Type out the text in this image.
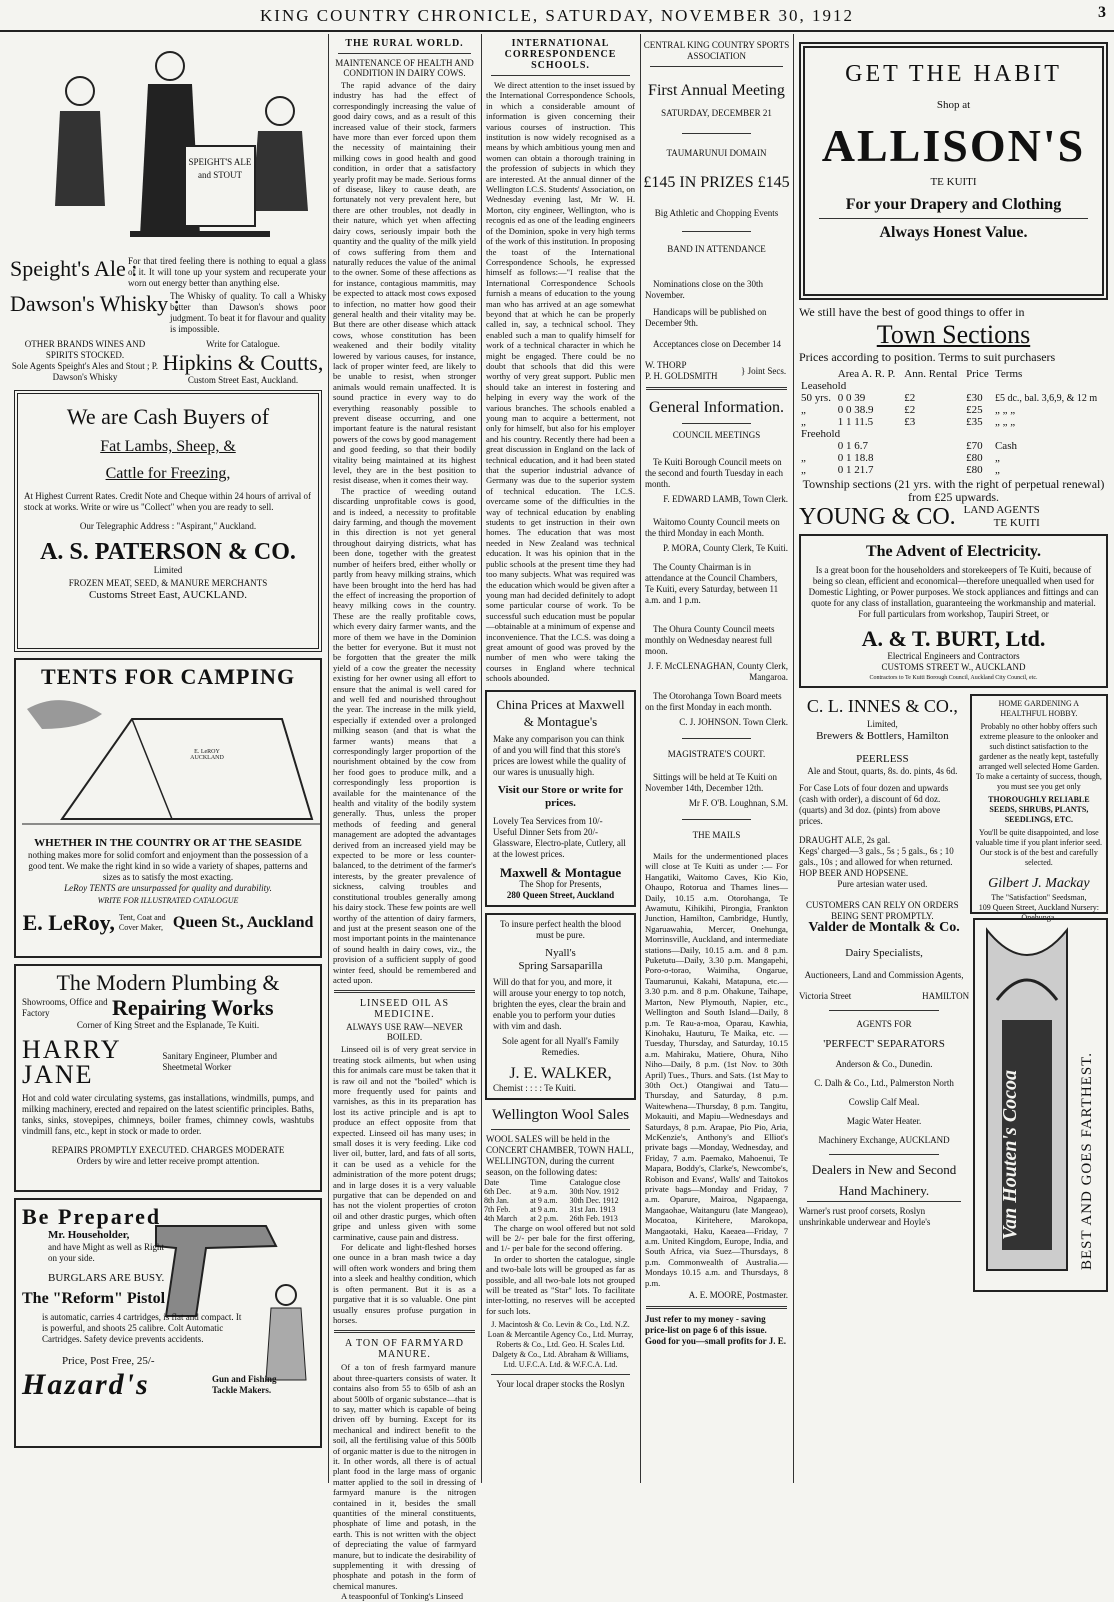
KING COUNTRY CHRONICLE, SATURDAY, NOVEMBER 30, 1912	3
SPEIGHT'S ALE and STOUT
Speight's Ale :
For that tired feeling there is nothing to equal a glass of it. It will tone up your system and recuperate your worn out energy better than anything else.
Dawson's Whisky :
The Whisky of quality. To call a Whisky better than Dawson's shows poor judgment. To beat it for flavour and quality is impossible.
OTHER BRANDS WINES AND SPIRITS STOCKED.
Sole Agents Speight's Ales and Stout ; P. Dawson's Whisky
Write for Catalogue.
Hipkins & Coutts,
Custom Street East, Auckland.
We are Cash Buyers of
Fat Lambs, Sheep, &
Cattle for Freezing,
At Highest Current Rates. Credit Note and Cheque within 24 hours of arrival of stock at works. Write or wire us "Collect" when you are ready to sell.
Our Telegraphic Address : "Aspirant," Auckland.
A. S. PATERSON & CO.
Limited
FROZEN MEAT, SEED, & MANURE MERCHANTS
Customs Street East, AUCKLAND.
TENTS FOR CAMPING
E. LeROY AUCKLAND
WHETHER IN THE COUNTRY OR AT THE SEASIDE
nothing makes more for solid comfort and enjoyment than the possession of a good tent. We make the right kind in so wide a variety of shapes, patterns and sizes as to satisfy the most exacting.
LeRoy TENTS are unsurpassed for quality and durability.
WRITE FOR ILLUSTRATED CATALOGUE
E. LeRoy, Tent, Coat and Cover Maker, Queen St., Auckland
The Modern Plumbing &
Showrooms, Office and Factory	Repairing Works
Corner of King Street and the Esplanade, Te Kuiti.
HARRY JANE
Sanitary Engineer, Plumber and Sheetmetal Worker
Hot and cold water circulating systems, gas installations, windmills, pumps, and milking machinery, erected and repaired on the latest scientific principles. Baths, tanks, sinks, stovepipes, chimneys, boiler frames, chimney cowls, washtubs vindmill fans, etc., kept in stock or made to order.
REPAIRS PROMPTLY EXECUTED. CHARGES MODERATE
Orders by wire and letter receive prompt attention.
Be Prepared
Mr. Householder,
and have Might as well as Right on your side.
BURGLARS ARE BUSY.
The "Reform" Pistol
is automatic, carries 4 cartridges, is flat and compact. It is powerful, and shoots 25 calibre. Colt Automatic Cartridges. Safety device prevents accidents.
Price, Post Free, 25/-
Hazard's	Gun and Fishing Tackle Makers.
THE RURAL WORLD.
MAINTENANCE OF HEALTH AND CONDITION IN DAIRY COWS.

The rapid advance of the dairy industry has had the effect of correspondingly increasing the value of good dairy cows, and as a result of this increased value of their stock, farmers have more than ever forced upon them the necessity of maintaining their milking cows in good health and good condition, in order that a satisfactory yearly profit may be made. Serious forms of disease, likey to cause death, are fortunately not very prevalent here, but there are other troubles, not deadly in their nature, which yet when affecting dairy cows, seriously impair both the quantity and the quality of the milk yield of cows suffering from them and naturally reduces the value of the animal to the owner. Some of these affections as for instance, contagious mammitis, may be expected to attack most cows exposed to infection, no matter how good their general health and their vitality may be. But there are other disease which attack cows, whose constitution has been weakened and their bodily vitality lowered by various causes, for instance, lack of proper winter feed, are likely to be unable to resist, when stronger animals would remain unaffected. It is sound practice in every way to do everything reasonably possible to prevent disease occurring, and one important feature is the natural resistant powers of the cows by good management and good feeding, so that their bodily vitality being maintained at its highest level, they are in the best position to resist disease, when it comes their way.

The practice of weeding outand discarding unprofitable cows is good, and is indeed, a necessity to profitable dairy farming, and though the movement in this direction is not yet general throughout dairying districts, what has been done, together with the greatest number of heifers bred, either wholly or partly from heavy milking strains, which have been brought into the herd has had the effect of increasing the proportion of heavy milking cows in the country. These are the really profitable cows, which every dairy farmer wants, and the more of them we have in the Dominion the better for everyone. But it must not be forgotten that the greater the milk yield of a cow the greater the necessity existing for her owner using all effort to ensure that the animal is well cared for and well fed and nourished throughout the year. The increase in the milk yield, especially if extended over a prolonged milking season (and that is what the farmer wants) means that a correspondingly larger proportion of the nourishment obtained by the cow from her food goes to produce milk, and a correspondingly less proportion is available for the maintenance of the health and vitality of the bodily system generally. Thus, unless the proper methods of feeding and general management are adopted the advantages derived from an increased yield may be expected to be more or less counter-balanced, to the detriment of the farmer's interests, by the greater prevalence of sickness, calving troubles and constitutional troubles generally among his dairy stock. These few points are well worthy of the attention of dairy farmers, and just at the present season one of the most important points in the maintenance of sound health in dairy cows, viz., the provision of a sufficient supply of good winter feed, should be remembered and acted upon.

LINSEED OIL AS MEDICINE.
ALWAYS USE RAW—NEVER BOILED.

Linseed oil is of very great service in treating stock ailments, but when using this for animals care must be taken that it is raw oil and not the "boiled" which is more frequently used for paints and varnishes, as this in its preparation has lost its active principle and is apt to produce an effect opposite from that expected. Linseed oil has many uses; in small doses it is very feeding. Like cod liver oil, butter, lard, and fats of all sorts, it can be used as a vehicle for the administration of the more potent drugs; and in large doses it is a very valuable purgative that can be depended on and has not the violent properties of croton oil and other drastic purges, which often gripe and unless given with some carminative, cause pain and distress.

For delicate and light-fleshed horses one ounce in a bran mash twice a day will often work wonders and bring them into a sleek and healthy condition, which is often permanent. But it is as a purgative that it is so valuable. One pint usually ensures profuse purgation in horses.

A TON OF FARMYARD MANURE.

Of a ton of fresh farmyard manure about three-quarters consists of water. It contains also from 55 to 65lb of ash an about 500lb of organic substance—that is to say, matter which is capable of being driven off by burning. Except for its mechanical and indirect benefit to the soil, all the fertilising value of this 500lb of organic matter is due to the nitrogen in it. In other words, all there is of actual plant food in the large mass of organic matter applied to the soil in dressing of farmyard manure is the nitrogen contained in it, besides the small quantities of the mineral constituents, phosphate of lime and potash, in the earth. This is not written with the object of depreciating the value of farmyard manure, but to indicate the desirability of supplementing it with dressing of phosphate and potash in the form of chemical manures.

A teaspoonful of Tonking's Linseed

INTERNATIONAL CORRESPONDENCE SCHOOLS.

We direct attention to the inset issued by the International Correspondence Schools, in which a considerable amount of information is given concerning their various courses of instruction. This institution is now widely recognised as a means by which ambitious young men and women can obtain a thorough training in the profession of subjects in which they are interested. At the annual dinner of the Wellington I.C.S. Students' Association, on Wednesday evening last, Mr W. H. Morton, city engineer, Wellington, who is recognis ed as one of the leading engineers of the Dominion, spoke in very high terms of the work of this institution. In proposing the toast of the International Correspondence Schools, he expressed himself as follows:—"I realise that the International Correspondence Schools furnish a means of education to the young man who has arrived at an age somewhat beyond that at which he can be properly called in, say, a technical school. They enabled such a man to qualify himself for work of a technical character in which he might be engaged. There could be no doubt that schools that did this were worthy of very great support. Public men should take an interest in fostering and helping in every way the work of the various branches. The schools enabled a young man to acquire a betterment, not only for himself, but also for his employer and his country. Recently there had been a great discussion in England on the lack of technical education, and it had been stated that the superior industrial advance of Germany was due to the superior system of technical education. The I.C.S. overcame some of the difficulties in the way of technical education by enabling students to get instruction in their own homes. The education that was most needed in New Zealand was technical education. It was his opinion that in the public schools at the present time they had too many subjects. What was required was the education which would be given after a young man had decided definitely to adopt some particular course of work. To be successful such education must be popular—obtainable at a minimum of expense and inconvenience. That the I.C.S. was doing a great amount of good was proved by the number of men who were taking the courses in England where technical schools abounded.

China Prices at Maxwell & Montague's
Make any comparison you can think of and you will find that this store's prices are lowest while the quality of our wares is unusually high.
Visit our Store or write for prices.
Lovely Tea Services from 10/- Useful Dinner Sets from 20/- Glassware, Electro-plate, Cutlery, all at the lowest prices.
Maxwell & Montague
The Shop for Presents,
280 Queen Street, Auckland
To insure perfect health the blood must be pure.
Nyall's
Spring Sarsaparilla
Will do that for you, and more, it will arouse your energy to top notch, brighten the eyes, clear the brain and enable you to perform your duties with vim and dash.
Sole agent for all Nyall's Family Remedies.
J. E. WALKER,
Chemist : : : : Te Kuiti.
Wellington Wool Sales
WOOL SALES will be held in the CONCERT CHAMBER, TOWN HALL, WELLINGTON, during the current season, on the following dates:
Date	Time	Catalogue close
6th Dec.	at 9 a.m.	30th Nov. 1912
8th Jan.	at 9 a.m.	30th Dec. 1912
7th Feb.	at 9 a.m.	31st Jan. 1913
4th March	at 2 p.m.	26th Feb. 1913

The charge on wool offered but not sold will be 2/- per bale for the first offering, and 1/- per bale for the second offering.

In order to shorten the catalogue, single and two-bale lots will be grouped as far as possible, and all two-bale lots not grouped will be treated as "Star" lots. To facilitate inter-lotting, no reserves will be accepted for such lots.

J. Macintosh & Co. Levin & Co., Ltd. N.Z. Loan & Mercantile Agency Co., Ltd. Murray, Roberts & Co., Ltd. Geo. H. Scales Ltd. Dalgety & Co., Ltd. Abraham & Williams, Ltd. U.F.C.A. Ltd. & W.F.C.A. Ltd.
Your local draper stocks the Roslyn
CENTRAL KING COUNTRY SPORTS ASSOCIATION
First Annual Meeting
SATURDAY, DECEMBER 21
TAUMARUNUI DOMAIN
£145 IN PRIZES £145
Big Athletic and Chopping Events
BAND IN ATTENDANCE
Nominations close on the 30th November.
Handicaps will be published on December 9th.
Acceptances close on December 14
W. THORP
P. H. GOLDSMITH
} Joint Secs.
General Information.
COUNCIL MEETINGS
Te Kuiti Borough Council meets on the second and fourth Tuesday in each month.
F. EDWARD LAMB, Town Clerk.
Waitomo County Council meets on the third Monday in each Month.
P. MORA, County Clerk, Te Kuiti.
The County Chairman is in attendance at the Council Chambers, Te Kuiti, every Saturday, between 11 a.m. and 1 p.m.
The Ohura County Council meets monthly on Wednesday nearest full moon.
J. F. McCLENAGHAN, County Clerk, Mangaroa.
The Otorohanga Town Board meets on the first Monday in each month.
C. J. JOHNSON. Town Clerk.
MAGISTRATE'S COURT.
Sittings will be held at Te Kuiti on November 14th, December 12th.
Mr F. O'B. Loughnan, S.M.
THE MAILS

Mails for the undermentioned places will close at Te Kuiti as under :— For Hangatiki, Waitomo Caves, Kio Kio, Ohaupo, Rotorua and Thames lines—Daily, 10.15 a.m. Otorohanga, Te Awamutu, Kihikihi, Pirongia, Frankton Junction, Hamilton, Cambridge, Huntly, Ngaruawahia, Mercer, Onehunga, Morrinsville, Auckland, and intermediate stations—Daily, 10.15 a.m. and 8 p.m. Puketutu—Daily, 3.30 p.m. Mangapehi, Poro-o-torao, Waimiha, Ongarue, Taumarunui, Kakahi, Matapuna, etc.—3.30 p.m. and 8 p.m. Ohakune, Taihape, Marton, New Plymouth, Napier, etc., Wellington and South Island—Daily, 8 p.m. Te Rau-a-moa, Oparau, Kawhia, Kinohaku, Hauturu, Te Maika, etc. —Tuesday, Thursday, and Saturday, 10.15 a.m. Mahiraku, Matiere, Ohura, Niho Niho—Daily, 8 p.m. (1st Nov. to 30th April) Tues., Thurs. and Sats. (1st May to 30th Oct.) Otangiwai and Tatu—Thursday, and Saturday, 8 p.m. Waitewhena—Thursday, 8 p.m. Tangitu, Mokauiti, and Mapiu—Wednesdays and Saturdays, 8 p.m. Arapae, Pio Pio, Aria, McKenzie's, Anthony's and Elliot's private bags —Monday, Wednesday, and Friday, 7 a.m. Paemako, Mahoenui, Te Mapara, Boddy's, Clarke's, Newcombe's, Robison and Evans', Walls' and Taitokos private bags—Monday and Friday, 7 a.m. Oparure, Mairoa, Ngapaenga, Mangaohae, Waitanguru (late Mangeao), Mocatoa, Kiritehere, Marokopa, Mangaotaki, Haku, Kaeaea—Friday, 7 a.m. United Kingdom, Europe, India, and South Africa, via Suez—Thursdays, 8 p.m. Commonwealth of Australia.—Mondays 10.15 a.m. and Thursdays, 8 p.m.

A. E. MOORE, Postmaster.
Just refer to my money - saving price-list on page 6 of this issue. Good for you—small profits for J. E.
GET THE HABIT
Shop at
ALLISON'S
TE KUITI
For your Drapery and Clothing
Always Honest Value.
We still have the best of good things to offer in
Town Sections
Prices according to position. Terms to suit purchasers
	Area A. R. P.	Ann. Rental	Price	Terms
Leasehold				
50 yrs.	0 0 39	£2	£30	£5 dc., bal. 3,6,9, & 12 m
„	0 0 38.9	£2	£25	„ „ „
„	1 1 11.5	£3	£35	„ „ „
Freehold				
	0 1 6.7		£70	Cash
„	0 1 18.8		£80	„
„	0 1 21.7		£80	„
Township sections (21 yrs. with the right of perpetual renewal) from £25 upwards.
YOUNG & CO. LAND AGENTS
TE KUITI
The Advent of Electricity.
Is a great boon for the householders and storekeepers of Te Kuiti, because of being so clean, efficient and economical—therefore unequalled when used for Domestic Lighting, or Power purposes. We stock appliances and fittings and can quote for any class of installation, guaranteeing the workmanship and material. For full particulars from workshop, Taupiri Street, or
A. & T. BURT, Ltd.
Electrical Engineers and Contractors
CUSTOMS STREET W., AUCKLAND
Contractors to Te Kuiti Borough Council, Auckland City Council, etc.
C. L. INNES & CO.,
Limited,
Brewers & Bottlers, Hamilton
PEERLESS
Ale and Stout, quarts, 8s. do. pints, 4s 6d.
For Case Lots of four dozen and upwards (cash with order), a discount of 6d doz. (quarts) and 3d doz. (pints) from above prices.
DRAUGHT ALE, 2s gal.
Kegs' charged—3 gals., 5s ; 5 gals., 6s ; 10 gals., 10s ; and allowed for when returned.
HOP BEER AND HOPSENE.
Pure artesian water used.
CUSTOMERS CAN RELY ON ORDERS BEING SENT PROMPTLY.
HOME GARDENING A HEALTHFUL HOBBY.
Probably no other hobby offers such extreme pleasure to the onlooker and such distinct satisfaction to the gardener as the neatly kept, tastefully arranged well selected Home Garden. To make a certainty of success, though, you must see you get only
THOROUGHLY RELIABLE SEEDS, SHRUBS, PLANTS, SEEDLINGS, ETC.
You'll be quite disappointed, and lose valuable time if you plant inferior seed. Our stock is of the best and carefully selected.
Gilbert J. Mackay
The "Satisfaction" Seedsman,
109 Queen Street, Auckland Nursery: Onehunga.
Valder de Montalk & Co.
Dairy Specialists,
Auctioneers, Land and Commission Agents,
Victoria Street	HAMILTON
AGENTS FOR
'PERFECT' SEPARATORS
Anderson & Co., Dunedin.
C. Dalh & Co., Ltd., Palmerston North
Cowslip Calf Meal.
Magic Water Heater.
Machinery Exchange, AUCKLAND
Dealers in New and Second
Hand Machinery.
Warner's rust proof corsets, Roslyn unshrinkable underwear and Hoyle's	Van Houten's Cocoa	BEST AND GOES FARTHEST.
